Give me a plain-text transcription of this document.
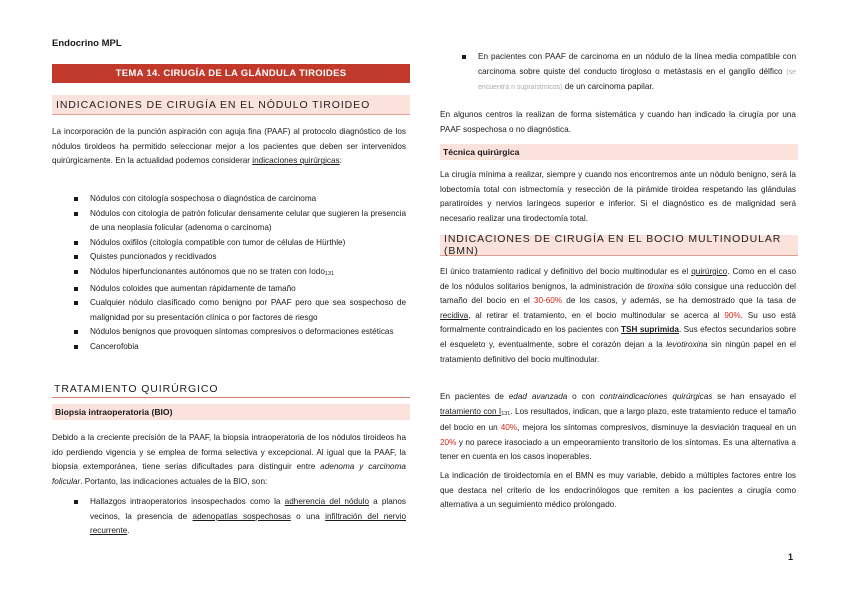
Endocrino MPL
TEMA 14. CIRUGÍA DE LA GLÁNDULA TIROIDES
INDICACIONES DE CIRUGÍA EN EL NÓDULO TIROIDEO

La incorporación de la punción aspiración con aguja fina (PAAF) al protocolo diagnóstico de los nódulos tiroideos ha permitido seleccionar mejor a los pacientes que deben ser intervenidos quirúrgicamente. En la actualidad podemos considerar indicaciones quirúrgicas:

Nódulos con citología sospechosa o diagnóstica de carcinoma
Nódulos con citología de patrón folicular densamente celular que sugieren la presencia de una neoplasia folicular (adenoma o carcinoma)
Nódulos oxifilos (citología compatible con tumor de células de Hürthle)
Quistes puncionados y recidivados
Nódulos hiperfuncionantes autónomos que no se traten con Iodo131
Nódulos coloides que aumentan rápidamente de tamaño
Cualquier nódulo clasificado como benigno por PAAF pero que sea sospechoso de malignidad por su presentación clínica o por factores de riesgo
Nódulos benignos que provoquen síntomas compresivos o deformaciones estéticas
Cancerofobia
TRATAMIENTO QUIRÚRGICO
Biopsia intraoperatoria (BIO)

Debido a la creciente precisión de la PAAF, la biopsia intraoperatoria de los nódulos tiroideos ha ido perdiendo vigencia y se emplea de forma selectiva y excepcional. Al igual que la PAAF, la biopsia extemporánea, tiene serias dificultades para distinguir entre adenoma y carcinoma folicular. Portanto, las indicaciones actuales de la BIO, son:

Hallazgos intraoperatorios insospechados como la adherencia del nódulo a planos vecinos, la presencia de adenopatías sospechosas o una infiltración del nervio recurrente.
En pacientes con PAAF de carcinoma en un nódulo de la línea media compatible con carcinoma sobre quiste del conducto tirogloso o metástasis en el ganglio délfico (se encuentra n supraístmicos) de un carcinoma papilar.

En algunos centros la realizan de forma sistemática y cuando han indicado la cirugía por una PAAF sospechosa o no diagnóstica.

Técnica quirúrgica

La cirugía mínima a realizar, siempre y cuando nos encontremos ante un nódulo benigno, será la lobectomía total con istmectomía y resección de la pirámide tiroidea respetando las glándulas paratiroides y nervios laríngeos superior e inferior. Si el diagnóstico es de malignidad será necesario realizar una tirodectomía total.

INDICACIONES DE CIRUGÍA EN EL BOCIO MULTINODULAR (BMN)

El único tratamiento radical y definitivo del bocio multinodular es el quirúrgico. Como en el caso de los nódulos solitarios benignos, la administración de tiroxina sólo consigue una reducción del tamaño del bocio en el 30-60% de los casos, y además, se ha demostrado que la tasa de recidiva, al retirar el tratamiento, en el bocio multinodular se acerca al 90%. Su uso está formalmente contraindicado en los pacientes con TSH suprimida. Sus efectos secundarios sobre el esqueleto y, eventualmente, sobre el corazón dejan a la levotiroxina sin ningún papel en el tratamiento definitivo del bocio multinodular.

En pacientes de edad avanzada o con contraindicaciones quirúrgicas se han ensayado el tratamiento con I131. Los resultados, indican, que a largo plazo, este tratamiento reduce el tamaño del bocio en un 40%, mejora los síntomas compresivos, disminuye la desviación traqueal en un 20% y no parece irasociado a un empeoramiento transitorio de los síntomas. Es una alternativa a tener en cuenta en los casos inoperables.

La indicación de tiroidectomía en el BMN es muy variable, debido a múltiples factores entre los que destaca nel criterio de los endocrinólogos que remiten a los pacientes a cirugía como alternativa a un seguimiento médico prolongado.

1
